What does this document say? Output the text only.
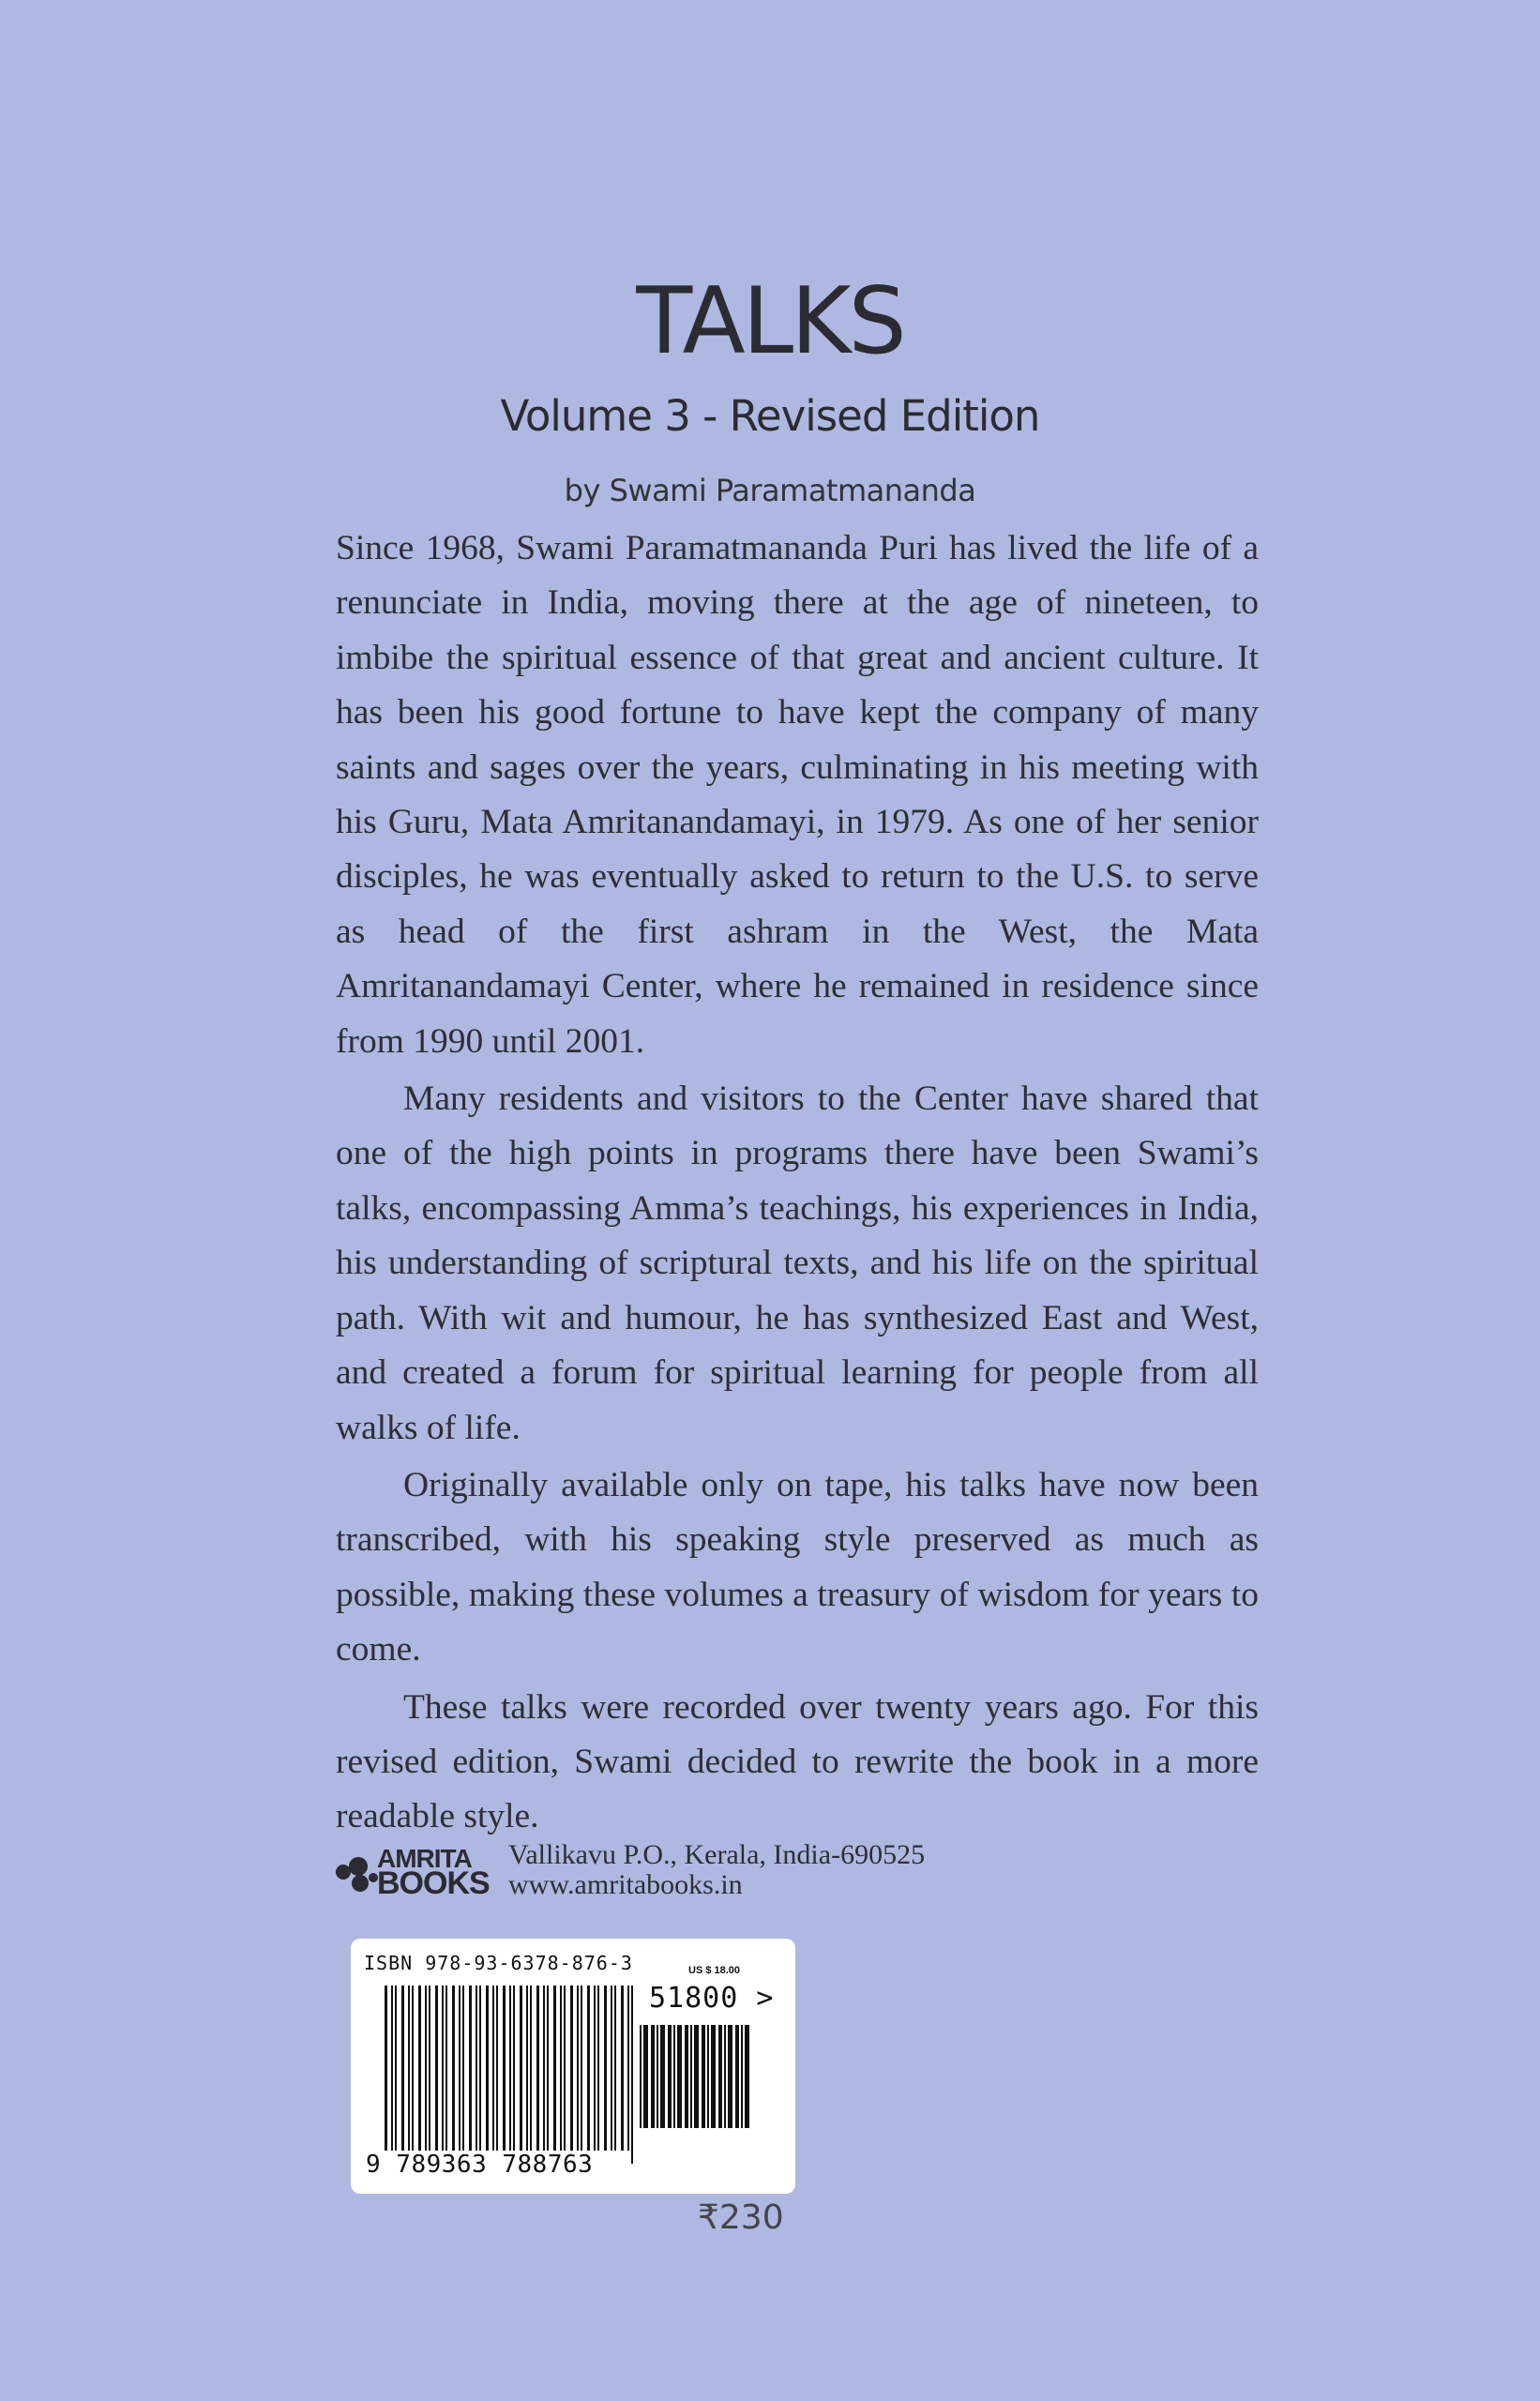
TALKS
Volume 3 - Revised Edition
by Swami Paramatmananda

Since 1968, Swami Paramatmananda Puri has lived the life of a renunciate in India, moving there at the age of nineteen, to imbibe the spiritual essence of that great and ancient culture. It has been his good fortune to have kept the company of many saints and sages over the years, culminating in his meeting with his Guru, Mata Amritanandamayi, in 1979. As one of her senior disciples, he was eventually asked to return to the U.S. to serve as head of the first ashram in the West, the Mata Amritanandamayi Center, where he remained in residence since from 1990 until 2001.

Many residents and visitors to the Center have shared that one of the high points in programs there have been Swami’s talks, encompassing Amma’s teachings, his experiences in India, his understanding of scriptural texts, and his life on the spiritual path. With wit and humour, he has synthesized East and West, and created a forum for spiritual learning for people from all walks of life.

Originally available only on tape, his talks have now been transcribed, with his speaking style preserved as much as possible, making these volumes a treasury of wisdom for years to come.

These talks were recorded over twenty years ago. For this revised edition, Swami decided to rewrite the book in a more readable style.

AMRITA
BOOKS
Vallikavu P.O., Kerala, India-690525
www.amritabooks.in
ISBN 978-93-6378-876-3	US $ 18.00
51800 >
9 789363 788763
₹230
